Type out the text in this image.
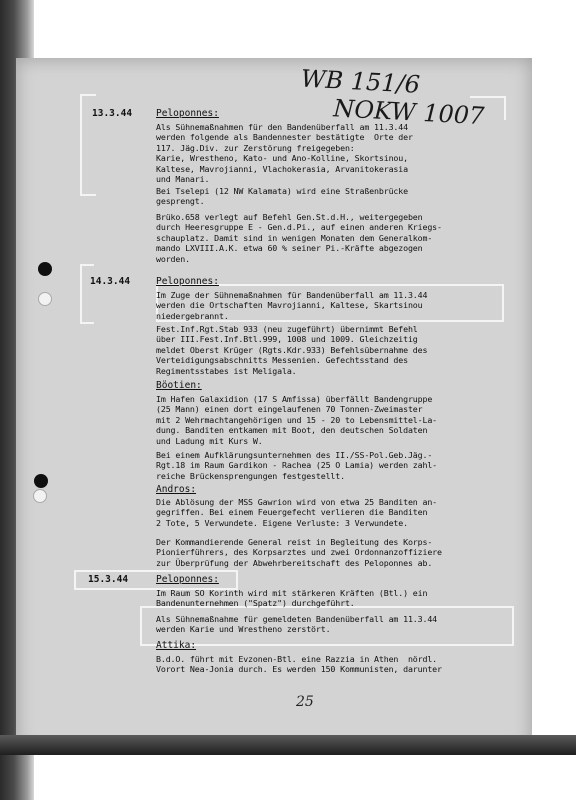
WB 151/6
NOKW 1007
13.3.44	Peloponnes:
Als Sühnemaßnahmen für den Bandenüberfall am 11.3.44
werden folgende als Bandennester bestätigte  Orte der
117. Jäg.Div. zur Zerstörung freigegeben:
Karie, Wrestheno, Kato- und Ano-Kolline, Skortsinou,
Kaltese, Mavrojianni, Vlachokerasia, Arvanitokerasia
und Manari.
Bei Tselepi (12 NW Kalamata) wird eine Straßenbrücke
gesprengt.
Brüko.658 verlegt auf Befehl Gen.St.d.H., weitergegeben
durch Heeresgruppe E - Gen.d.Pi., auf einen anderen Kriegs-
schauplatz. Damit sind in wenigen Monaten dem Generalkom-
mando LXVIII.A.K. etwa 60 % seiner Pi.-Kräfte abgezogen
worden.
14.3.44	Peloponnes:
Im Zuge der Sühnemaßnahmen für Bandenüberfall am 11.3.44
werden die Ortschaften Mavrojianni, Kaltese, Skartsinou
niedergebrannt.
Fest.Inf.Rgt.Stab 933 (neu zugeführt) übernimmt Befehl
über III.Fest.Inf.Btl.999, 1008 und 1009. Gleichzeitig
meldet Oberst Krüger (Rgts.Kdr.933) Befehlsübernahme des
Verteidigungsabschnitts Messenien. Gefechtsstand des
Regimentsstabes ist Meligala.
Böotien:
Im Hafen Galaxidion (17 S Amfissa) überfällt Bandengruppe
(25 Mann) einen dort eingelaufenen 70 Tonnen-Zweimaster
mit 2 Wehrmachtangehörigen und 15 - 20 to Lebensmittel-La-
dung. Banditen entkamen mit Boot, den deutschen Soldaten
und Ladung mit Kurs W.
Bei einem Aufklärungsunternehmen des II./SS-Pol.Geb.Jäg.-
Rgt.18 im Raum Gardikon - Rachea (25 O Lamia) werden zahl-
reiche Brückensprengungen festgestellt.
Andros:
Die Ablösung der MSS Gawrion wird von etwa 25 Banditen an-
gegriffen. Bei einem Feuergefecht verlieren die Banditen
2 Tote, 5 Verwundete. Eigene Verluste: 3 Verwundete.
Der Kommandierende General reist in Begleitung des Korps-
Pionierführers, des Korpsarztes und zwei Ordonnanzoffiziere
zur Überprüfung der Abwehrbereitschaft des Peloponnes ab.
15.3.44	Peloponnes:
Im Raum SO Korinth wird mit stärkeren Kräften (Btl.) ein
Bandenunternehmen ("Spatz") durchgeführt.
Als Sühnemaßnahme für gemeldeten Bandenüberfall am 11.3.44
werden Karie und Wrestheno zerstört.
Attika:
B.d.O. führt mit Evzonen-Btl. eine Razzia in Athen  nördl.
Vorort Nea-Jonia durch. Es werden 150 Kommunisten, darunter
25
